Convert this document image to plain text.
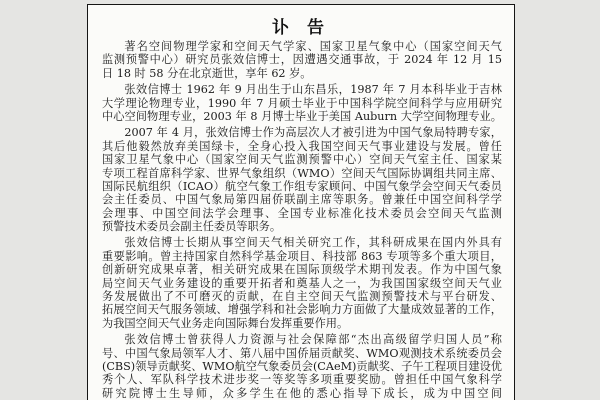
讣 告
著名空间物理学家和空间天气学家、国家卫星气象中心（国家空间天气
监测预警中心）研究员张效信博士，因遭遇交通事故，于 2024 年 12 月 15
日 18 时 58 分在北京逝世，享年 62 岁。
张效信博士 1962 年 9 月出生于山东昌乐，1987 年 7 月本科毕业于吉林
大学理论物理专业，1990 年 7 月硕士毕业于中国科学院空间科学与应用研究
中心空间物理专业，2003 年 8 月博士毕业于美国 Auburn 大学空间物理专业。
2007 年 4 月，张效信博士作为高层次人才被引进为中国气象局特聘专家，
其后他毅然放弃美国绿卡，全身心投入我国空间天气事业建设与发展。曾任
国家卫星气象中心（国家空间天气监测预警中心）空间天气室主任、国家某
专项工程首席科学家、世界气象组织（WMO）空间天气国际协调组共同主席、
国际民航组织（ICAO）航空气象工作组专家顾问、中国气象学会空间天气委员
会主任委员、中国气象局第四届侨联副主席等职务。曾兼任中国空间科学学
会理事、中国空间法学会理事、全国专业标准化技术委员会空间天气监测
预警技术委员会副主任委员等职务。
张效信博士长期从事空间天气相关研究工作，其科研成果在国内外具有
重要影响。曾主持国家自然科学基金项目、科技部 863 专项等多个重大项目，
创新研究成果卓著，相关研究成果在国际顶级学术期刊发表。作为中国气象
局空间天气业务建设的重要开拓者和奠基人之一，为我国国家级空间天气业
务发展做出了不可磨灭的贡献，在自主空间天气监测预警技术与平台研发、
拓展空间天气服务领域、增强学科和社会影响力方面做了大量成效显著的工作，
为我国空间天气业务走向国际舞台发挥重要作用。
张效信博士曾获得人力资源与社会保障部“杰出高级留学归国人员”称
号、中国气象局领军人才、第八届中国侨届贡献奖、WMO观测技术系统委员会
(CBS)领导贡献奖、WMO航空气象委员会(CAeM)贡献奖、子午工程项目建设优
秀个人、军队科学技术进步奖一等奖等多项重要奖励。曾担任中国气象科学
研究院博士生导师，众多学生在他的悉心指导下成长，成为中国空间
